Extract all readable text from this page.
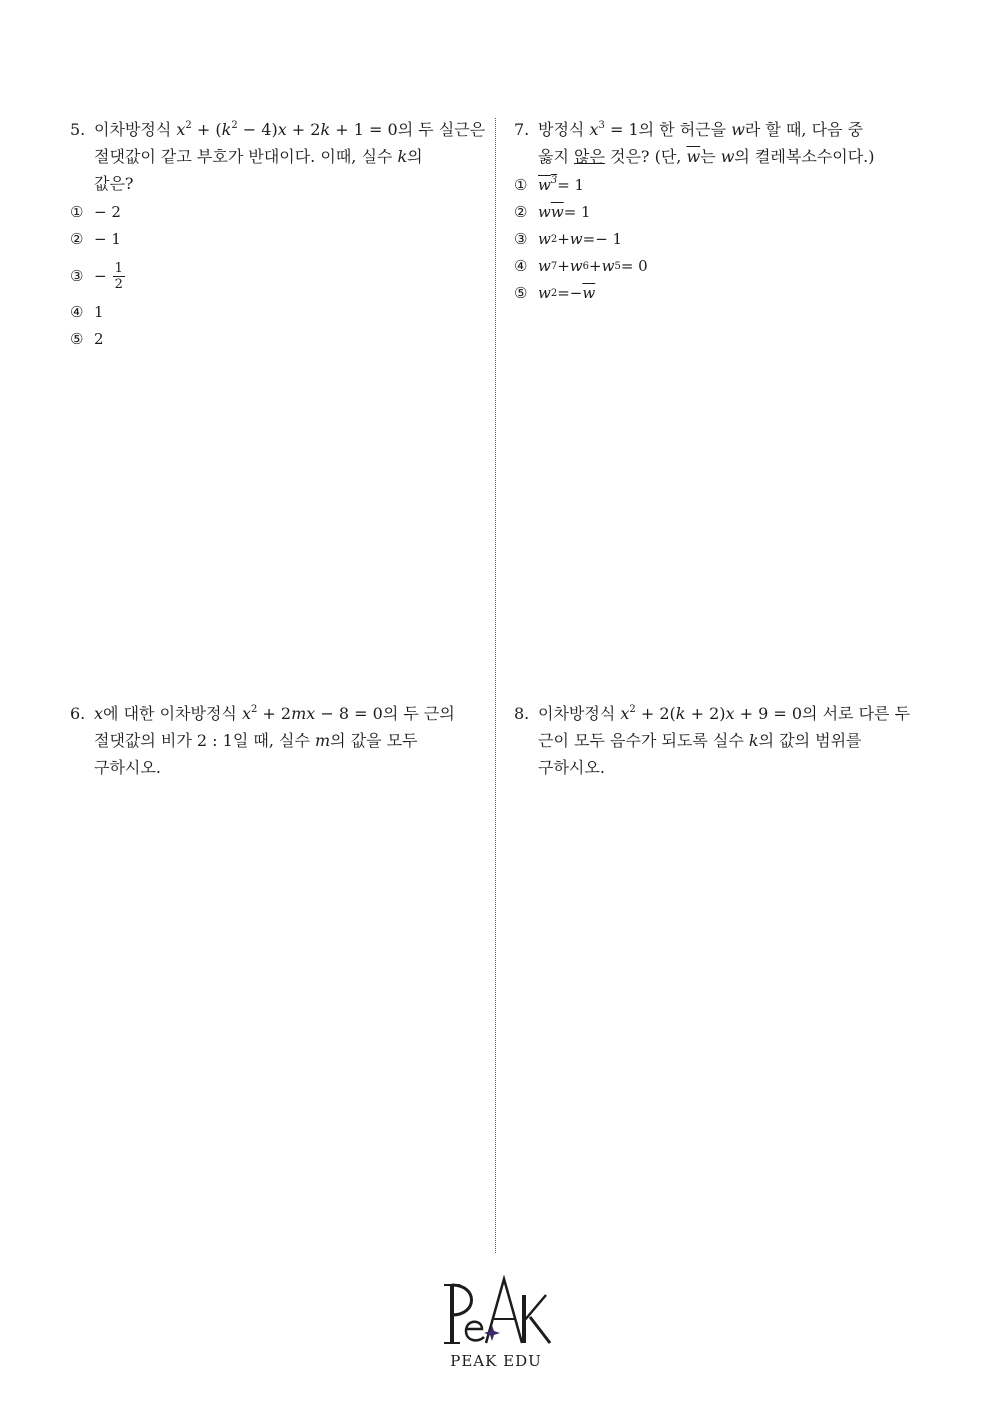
5. 이차방정식 $x^2 + (k^2 - 4)x + 2k + 1 = 0$의 두 실근은
절댓값이 같고 부호가 반대이다. 이때, 실수 k의
값은?
① − 2
② − 1
③ − $\frac{1}{2}$
④ 1
⑤ 2
7. 방정식 $x^3 = 1$의 한 허근을 w라 할 때, 다음 중
옳지 않은 것은? (단, $\overline{w}$는 w의 켤레복소수이다.)
① $w^3 = 1$
② w $\overline{w} = 1$
③ w 2 + w =− 1
④ w 7 + w 6 + w 5 = 0
⑤ w $2 =- \overline{w}$
6. x에 대한 이차방정식 $x^2 + 2mx - 8 = 0$의 두 근의
절댓값의 비가 2 : 1일 때, 실수 m의 값을 모두
구하시오.
8. 이차방정식 $x^2 + 2(k + 2)x + 9 = 0$의 서로 다른 두
근이 모두 음수가 되도록 실수 k의 값의 범위를
구하시오.
PEAK EDU
